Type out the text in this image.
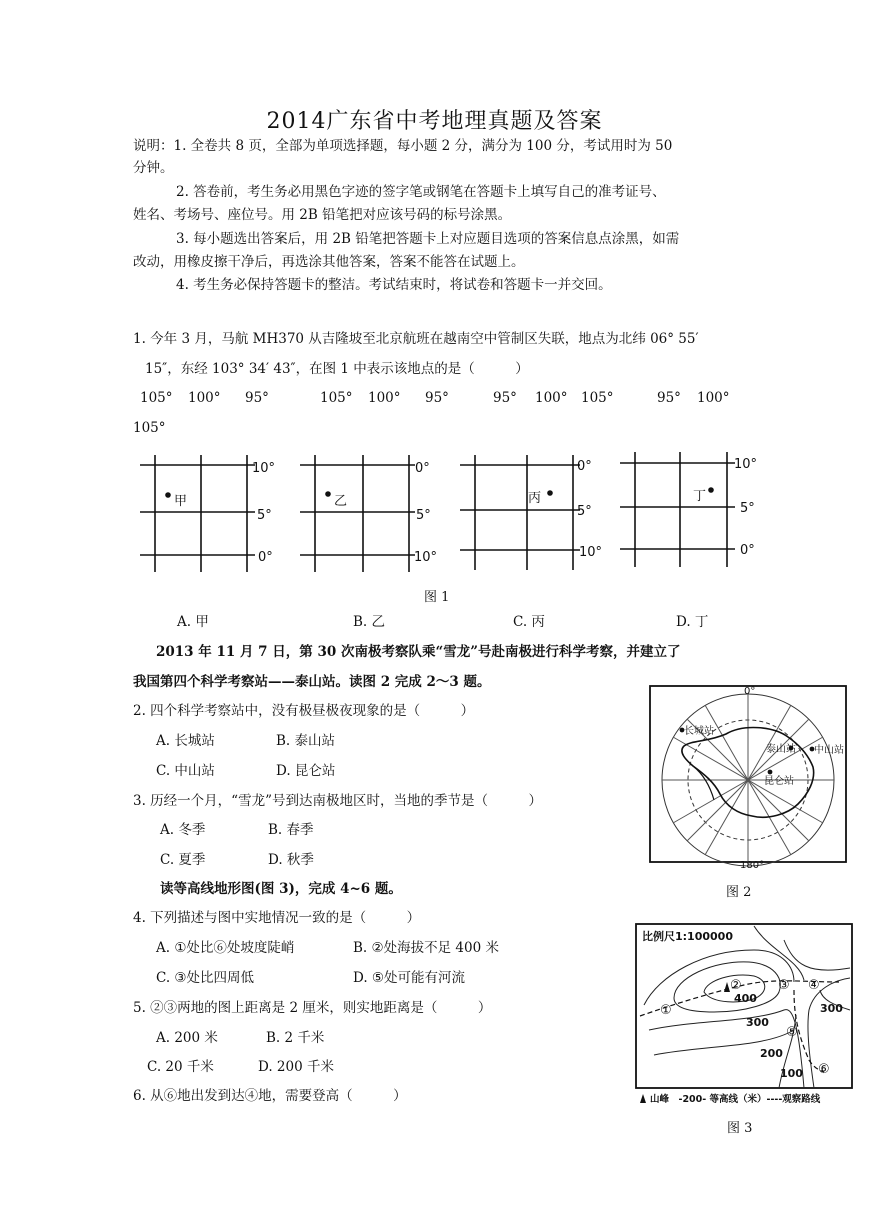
2014广东省中考地理真题及答案
说明：1. 全卷共 8 页，全部为单项选择题，每小题 2 分，满分为 100 分，考试用时为 50
分钟。
2. 答卷前，考生务必用黑色字迹的签字笔或钢笔在答题卡上填写自己的准考证号、
姓名、考场号、座位号。用 2B 铅笔把对应该号码的标号涂黑。
3. 每小题选出答案后，用 2B 铅笔把答题卡上对应题目选项的答案信息点涂黑，如需
改动，用橡皮擦干净后，再选涂其他答案，答案不能答在试题上。
4. 考生务必保持答题卡的整洁。考试结束时，将试卷和答题卡一并交回。
1. 今年 3 月，马航 MH370 从吉隆坡至北京航班在越南空中管制区失联，地点为北纬 06° 55′
15″，东经 103° 34′ 43″，在图 1 中表示该地点的是（　　　）
105° 100° 95°	105° 100° 95°	95° 100° 105°	95° 100°
105°
甲	乙	丙	丁
10°
5°
0°
0°
5°
10°
0°
5°
10°
10°
5°
0°
图 1
A. 甲	B. 乙	C. 丙	D. 丁
2013 年 11 月 7 日，第 30 次南极考察队乘“雪龙”号赴南极进行科学考察，并建立了
我国第四个科学考察站——泰山站。读图 2 完成 2～3 题。
2. 四个科学考察站中，没有极昼极夜现象的是（　　　）
A. 长城站	B. 泰山站
C. 中山站	D. 昆仑站
3. 历经一个月，“雪龙”号到达南极地区时，当地的季节是（　　　）
A. 冬季	B. 春季
C. 夏季	D. 秋季
0°
180°
长城站
泰山站 中山站
昆仑站
图 2
读等高线地形图(图 3)，完成 4~6 题。
4. 下列描述与图中实地情况一致的是（　　　）
A. ①处比⑥处坡度陡峭	B. ②处海拔不足 400 米
C. ③处比四周低	D. ⑤处可能有河流
5. ②③两地的图上距离是 2 厘米，则实地距离是（　　　）
A. 200 米	B. 2 千米
C. 20 千米	D. 200 千米
6. 从⑥地出发到达④地，需要登高（　　　）
比例尺1:100000
400
300
300
200
100
①
②	③ ④
⑤
⑥
山峰　-200- 等高线（米）----观察路线
图 3
